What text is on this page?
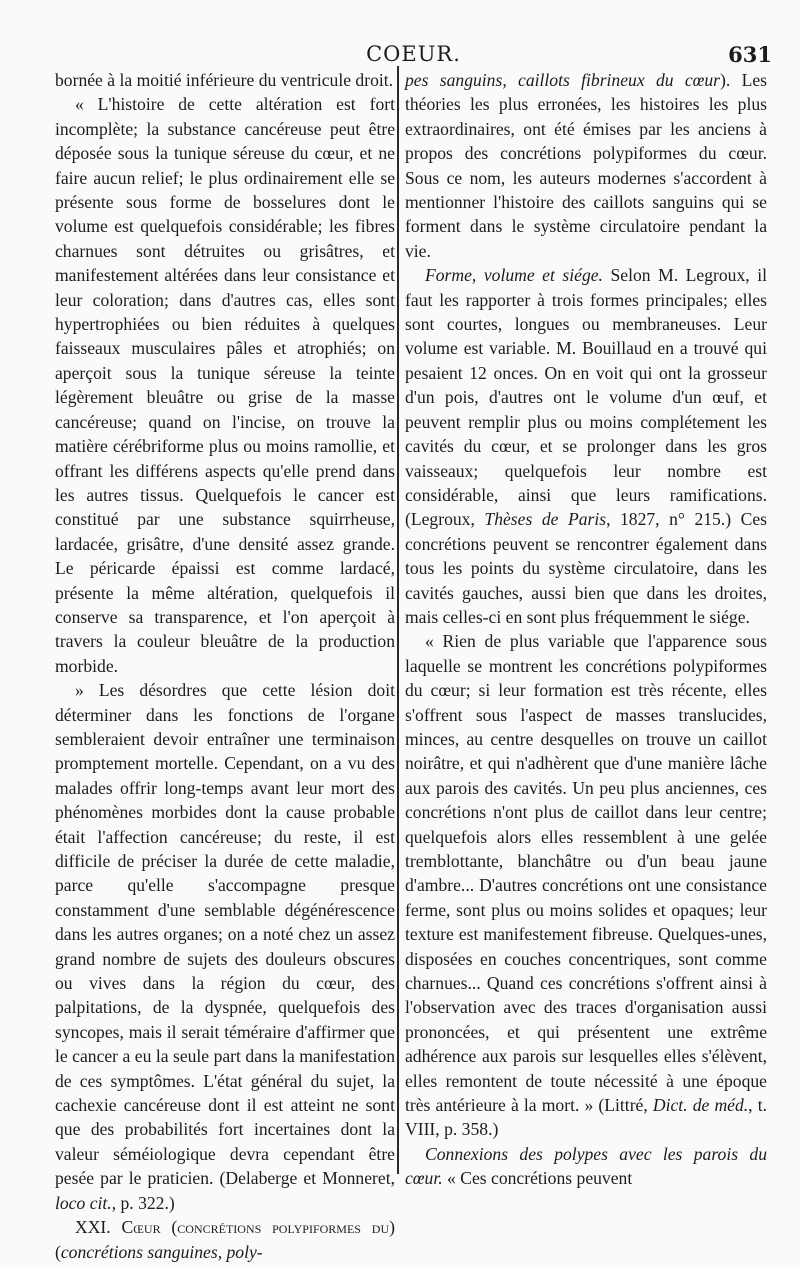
COEUR.	631

bornée à la moitié inférieure du ventricule droit.

« L'histoire de cette altération est fort incomplète; la substance cancéreuse peut être déposée sous la tunique séreuse du cœur, et ne faire aucun relief; le plus ordinairement elle se présente sous forme de bosselures dont le volume est quelquefois considérable; les fibres charnues sont détruites ou grisâtres, et manifestement altérées dans leur consistance et leur coloration; dans d'autres cas, elles sont hypertrophiées ou bien réduites à quelques faisseaux musculaires pâles et atrophiés; on aperçoit sous la tunique séreuse la teinte légèrement bleuâtre ou grise de la masse cancéreuse; quand on l'incise, on trouve la matière cérébriforme plus ou moins ramollie, et offrant les différens aspects qu'elle prend dans les autres tissus. Quelquefois le cancer est constitué par une substance squirrheuse, lardacée, grisâtre, d'une densité assez grande. Le péricarde épaissi est comme lardacé, présente la même altération, quelquefois il conserve sa transparence, et l'on aperçoit à travers la couleur bleuâtre de la production morbide.

» Les désordres que cette lésion doit déterminer dans les fonctions de l'organe sembleraient devoir entraîner une terminaison promptement mortelle. Cependant, on a vu des malades offrir long-temps avant leur mort des phénomènes morbides dont la cause probable était l'affection cancéreuse; du reste, il est difficile de préciser la durée de cette maladie, parce qu'elle s'accompagne presque constamment d'une semblable dégénérescence dans les autres organes; on a noté chez un assez grand nombre de sujets des douleurs obscures ou vives dans la région du cœur, des palpitations, de la dyspnée, quelquefois des syncopes, mais il serait téméraire d'affirmer que le cancer a eu la seule part dans la manifestation de ces symptômes. L'état général du sujet, la cachexie cancéreuse dont il est atteint ne sont que des probabilités fort incertaines dont la valeur séméiologique devra cependant être pesée par le praticien. (Delaberge et Monneret, loco cit., p. 322.)

XXI. Cœur (concrétions polypiformes du) (concrétions sanguines, poly-

pes sanguins, caillots fibrineux du cœur). Les théories les plus erronées, les histoires les plus extraordinaires, ont été émises par les anciens à propos des concrétions polypiformes du cœur. Sous ce nom, les auteurs modernes s'accordent à mentionner l'histoire des caillots sanguins qui se forment dans le système circulatoire pendant la vie.

Forme, volume et siége. Selon M. Legroux, il faut les rapporter à trois formes principales; elles sont courtes, longues ou membraneuses. Leur volume est variable. M. Bouillaud en a trouvé qui pesaient 12 onces. On en voit qui ont la grosseur d'un pois, d'autres ont le volume d'un œuf, et peuvent remplir plus ou moins complétement les cavités du cœur, et se prolonger dans les gros vaisseaux; quelquefois leur nombre est considérable, ainsi que leurs ramifications. (Legroux, Thèses de Paris, 1827, n° 215.) Ces concrétions peuvent se rencontrer également dans tous les points du système circulatoire, dans les cavités gauches, aussi bien que dans les droites, mais celles-ci en sont plus fréquemment le siége.

« Rien de plus variable que l'apparence sous laquelle se montrent les concrétions polypiformes du cœur; si leur formation est très récente, elles s'offrent sous l'aspect de masses translucides, minces, au centre desquelles on trouve un caillot noirâtre, et qui n'adhèrent que d'une manière lâche aux parois des cavités. Un peu plus anciennes, ces concrétions n'ont plus de caillot dans leur centre; quelquefois alors elles ressemblent à une gelée tremblottante, blanchâtre ou d'un beau jaune d'ambre... D'autres concrétions ont une consistance ferme, sont plus ou moins solides et opaques; leur texture est manifestement fibreuse. Quelques-unes, disposées en couches concentriques, sont comme charnues... Quand ces concrétions s'offrent ainsi à l'observation avec des traces d'organisation aussi prononcées, et qui présentent une extrême adhérence aux parois sur lesquelles elles s'élèvent, elles remontent de toute nécessité à une époque très antérieure à la mort. » (Littré, Dict. de méd., t. VIII, p. 358.)

Connexions des polypes avec les parois du cœur. « Ces concrétions peuvent
